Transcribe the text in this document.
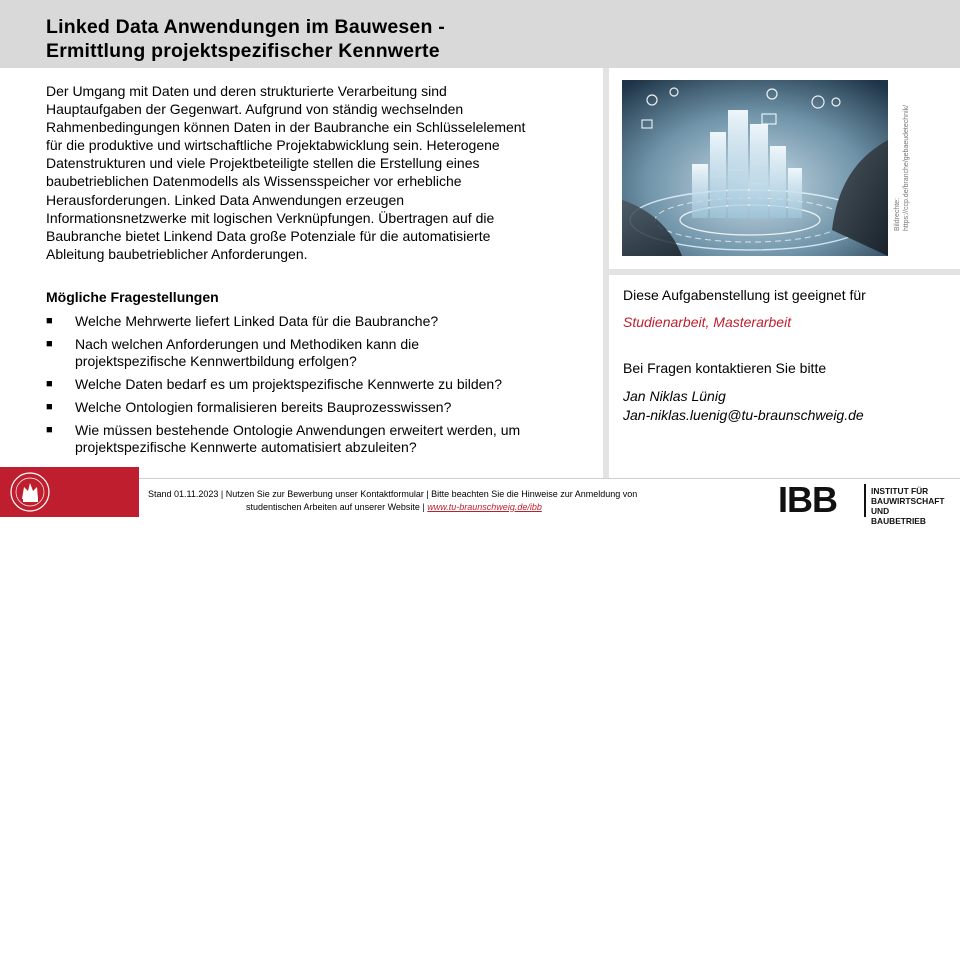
Linked Data Anwendungen im Bauwesen -
Ermittlung projektspezifischer Kennwerte
Der Umgang mit Daten und deren strukturierte Verarbeitung sind
Hauptaufgaben der Gegenwart. Aufgrund von ständig wechselnden
Rahmenbedingungen können Daten in der Baubranche ein Schlüsselelement
für die produktive und wirtschaftliche Projektabwicklung sein. Heterogene
Datenstrukturen und viele Projektbeteiligte stellen die Erstellung eines
baubetrieblichen Datenmodells als Wissensspeicher vor erhebliche
Herausforderungen. Linked Data Anwendungen erzeugen
Informationsnetzwerke mit logischen Verknüpfungen. Übertragen auf die
Baubranche bietet Linkend Data große Potenziale für die automatisierte
Ableitung baubetrieblicher Anforderungen.
Mögliche Fragestellungen
■ Welche Mehrwerte liefert Linked Data für die Baubranche?
■ Nach welchen Anforderungen und Methodiken kann die
projektspezifische Kennwertbildung erfolgen?
■ Welche Daten bedarf es um projektspezifische Kennwerte zu bilden?
■ Welche Ontologien formalisieren bereits Bauprozesswissen?
■ Wie müssen bestehende Ontologie Anwendungen erweitert werden, um
projektspezifische Kennwerte automatisiert abzuleiten?
Bildrechte: https://ccp.de/branche/gebaeudetechnik/
Diese Aufgabenstellung ist geeignet für
Studienarbeit, Masterarbeit
Bei Fragen kontaktieren Sie bitte
Jan Niklas Lünig
Jan-niklas.luenig@tu-braunschweig.de
Technische
Universität
Braunschweig
Stand 01.11.2023 | Nutzen Sie zur Bewerbung unser Kontaktformular | Bitte beachten Sie die Hinweise zur Anmeldung von
studentischen Arbeiten auf unserer Website | www.tu-braunschweig.de/ibb	IBB	INSTITUT FÜR
BAUWIRTSCHAFT UND
BAUBETRIEB
